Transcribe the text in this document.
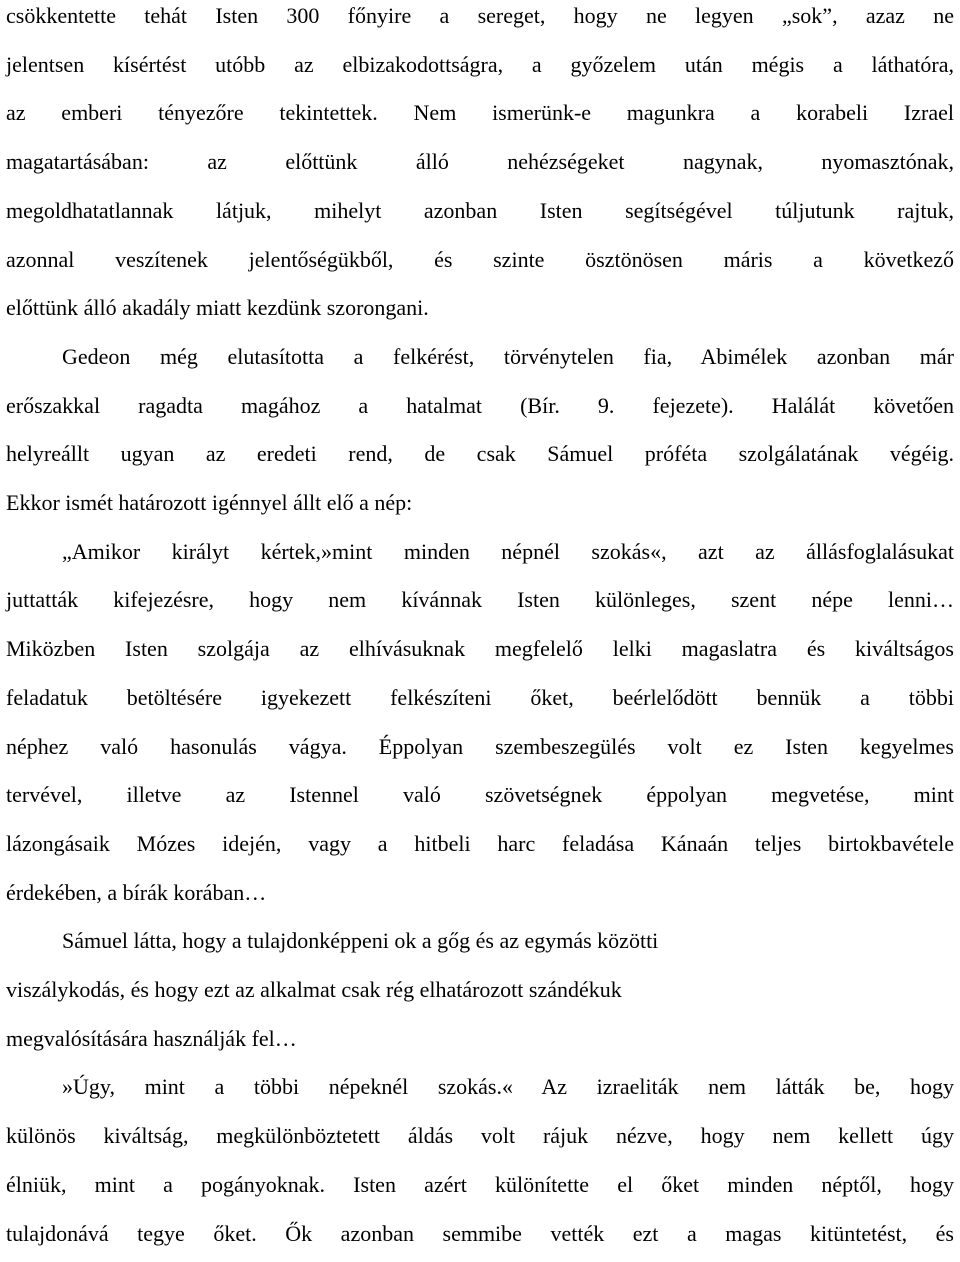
csökkentette tehát Isten 300 főnyire a sereget, hogy ne legyen „sok”, azaz ne
jelentsen kísértést utóbb az elbizakodottságra, a győzelem után mégis a láthatóra,
az emberi tényezőre tekintettek. Nem ismerünk-e magunkra a korabeli Izrael
magatartásában: az előttünk álló nehézségeket nagynak, nyomasztónak,
megoldhatatlannak látjuk, mihelyt azonban Isten segítségével túljutunk rajtuk,
azonnal veszítenek jelentőségükből, és szinte ösztönösen máris a következő
előttünk álló akadály miatt kezdünk szorongani.
Gedeon még elutasította a felkérést, törvénytelen fia, Abimélek azonban már
erőszakkal ragadta magához a hatalmat (Bír. 9. fejezete). Halálát követően
helyreállt ugyan az eredeti rend, de csak Sámuel próféta szolgálatának végéig.
Ekkor ismét határozott igénnyel állt elő a nép:
„Amikor királyt kértek,»mint minden népnél szokás«, azt az állásfoglalásukat
juttatták kifejezésre, hogy nem kívánnak Isten különleges, szent népe lenni…
Miközben Isten szolgája az elhívásuknak megfelelő lelki magaslatra és kiváltságos
feladatuk betöltésére igyekezett felkészíteni őket, beérlelődött bennük a többi
néphez való hasonulás vágya. Éppolyan szembeszegülés volt ez Isten kegyelmes
tervével, illetve az Istennel való szövetségnek éppolyan megvetése, mint
lázongásaik Mózes idején, vagy a hitbeli harc feladása Kánaán teljes birtokbavétele
érdekében, a bírák korában…
Sámuel látta, hogy a tulajdonképpeni ok a gőg és az egymás közötti
viszálykodás, és hogy ezt az alkalmat csak rég elhatározott szándékuk
megvalósítására használják fel…
»Úgy, mint a többi népeknél szokás.« Az izraeliták nem látták be, hogy
különös kiváltság, megkülönböztetett áldás volt rájuk nézve, hogy nem kellett úgy
élniük, mint a pogányoknak. Isten azért különítette el őket minden néptől, hogy
tulajdonává tegye őket. Ők azonban semmibe vették ezt a magas kitüntetést, és
